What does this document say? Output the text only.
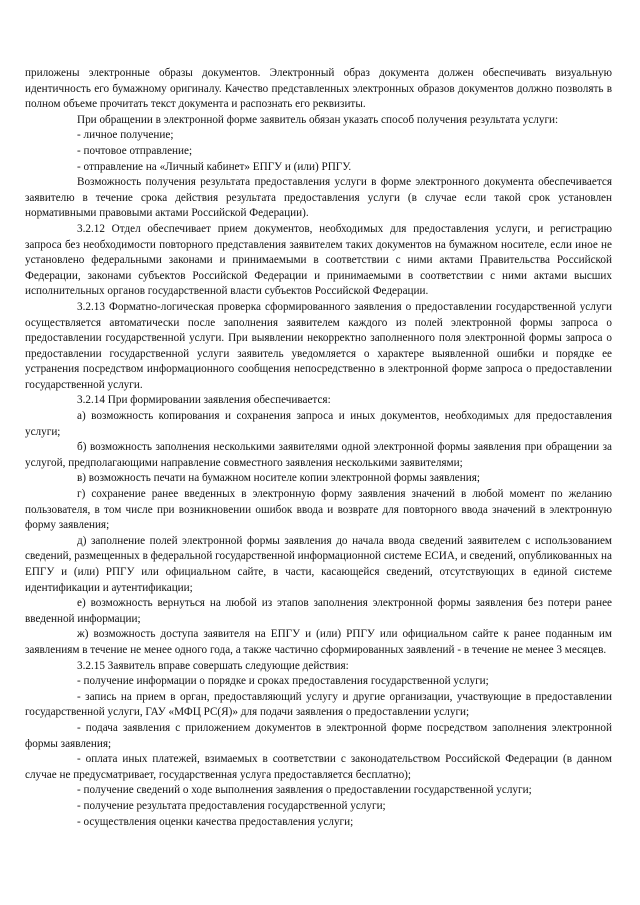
приложены электронные образы документов. Электронный образ документа должен обеспечивать визуальную идентичность его бумажному оригиналу. Качество представленных электронных образов документов должно позволять в полном объеме прочитать текст документа и распознать его реквизиты.

При обращении в электронной форме заявитель обязан указать способ получения результата услуги:

- личное получение;

- почтовое отправление;

- отправление на «Личный кабинет» ЕПГУ и (или) РПГУ.

Возможность получения результата предоставления услуги в форме электронного документа обеспечивается заявителю в течение срока действия результата предоставления услуги (в случае если такой срок установлен нормативными правовыми актами Российской Федерации).

3.2.12 Отдел обеспечивает прием документов, необходимых для предоставления услуги, и регистрацию запроса без необходимости повторного представления заявителем таких документов на бумажном носителе, если иное не установлено федеральными законами и принимаемыми в соответствии с ними актами Правительства Российской Федерации, законами субъектов Российской Федерации и принимаемыми в соответствии с ними актами высших исполнительных органов государственной власти субъектов Российской Федерации.

3.2.13 Форматно-логическая проверка сформированного заявления о предоставлении государственной услуги осуществляется автоматически после заполнения заявителем каждого из полей электронной формы запроса о предоставлении государственной услуги. При выявлении некорректно заполненного поля электронной формы запроса о предоставлении государственной услуги заявитель уведомляется о характере выявленной ошибки и порядке ее устранения посредством информационного сообщения непосредственно в электронной форме запроса о предоставлении государственной услуги.

3.2.14 При формировании заявления обеспечивается:

а) возможность копирования и сохранения запроса и иных документов, необходимых для предоставления услуги;

б) возможность заполнения несколькими заявителями одной электронной формы заявления при обращении за услугой, предполагающими направление совместного заявления несколькими заявителями;

в) возможность печати на бумажном носителе копии электронной формы заявления;

г) сохранение ранее введенных в электронную форму заявления значений в любой момент по желанию пользователя, в том числе при возникновении ошибок ввода и возврате для повторного ввода значений в электронную форму заявления;

д) заполнение полей электронной формы заявления до начала ввода сведений заявителем с использованием сведений, размещенных в федеральной государственной информационной системе ЕСИА, и сведений, опубликованных на ЕПГУ и (или) РПГУ или официальном сайте, в части, касающейся сведений, отсутствующих в единой системе идентификации и аутентификации;

е) возможность вернуться на любой из этапов заполнения электронной формы заявления без потери ранее введенной информации;

ж) возможность доступа заявителя на ЕПГУ и (или) РПГУ или официальном сайте к ранее поданным им заявлениям в течение не менее одного года, а также частично сформированных заявлений - в течение не менее 3 месяцев.

3.2.15 Заявитель вправе совершать следующие действия:

- получение информации о порядке и сроках предоставления государственной услуги;

- запись на прием в орган, предоставляющий услугу и другие организации, участвующие в предоставлении государственной услуги, ГАУ «МФЦ РС(Я)» для подачи заявления о предоставлении услуги;

- подача заявления с приложением документов в электронной форме посредством заполнения электронной формы заявления;

- оплата иных платежей, взимаемых в соответствии с законодательством Российской Федерации (в данном случае не предусматривает, государственная услуга предоставляется бесплатно);

- получение сведений о ходе выполнения заявления о предоставлении государственной услуги;

- получение результата предоставления государственной услуги;

- осуществления оценки качества предоставления услуги;
